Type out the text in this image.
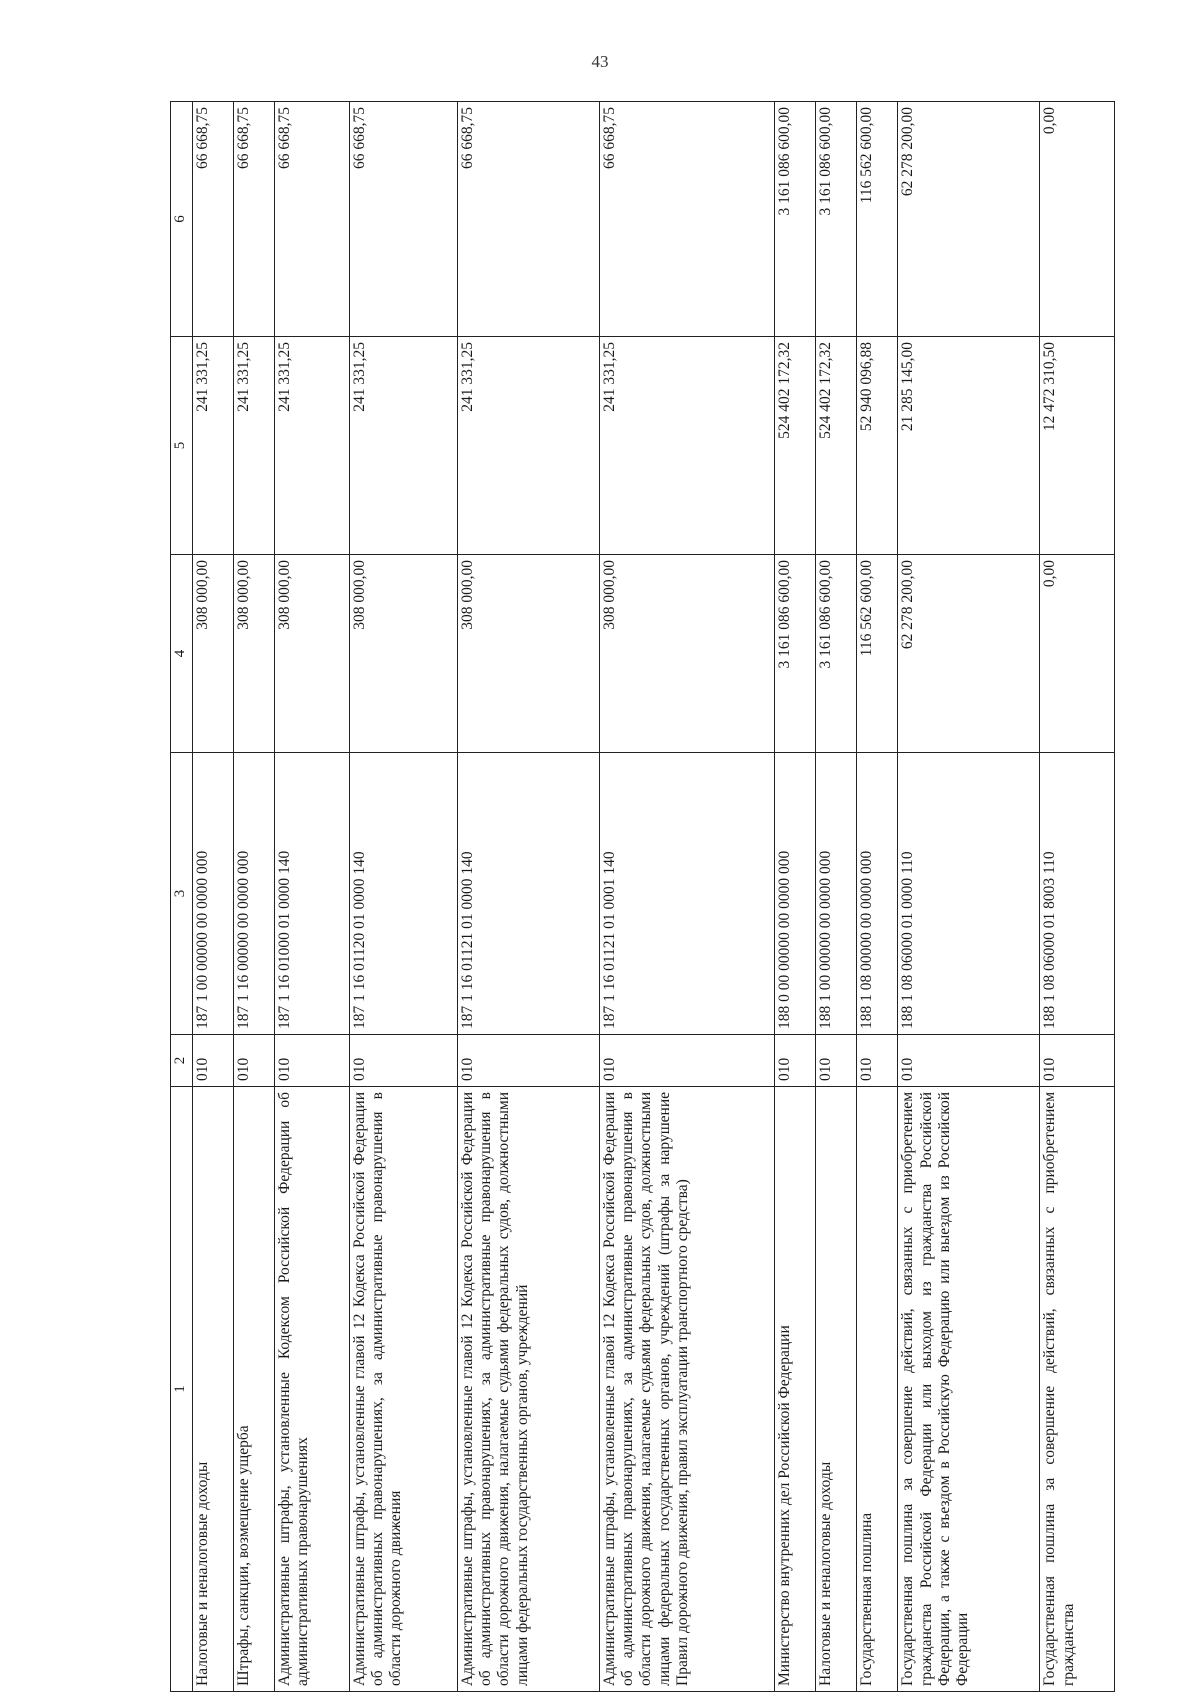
43
1	2	3	4	5	6
Налоговые и неналоговые доходы	010	187 1 00 00000 00 0000 000	308 000,00	241 331,25	66 668,75
Штрафы, санкции, возмещение ущерба	010	187 1 16 00000 00 0000 000	308 000,00	241 331,25	66 668,75
Административные штрафы, установленные Кодексом Российской Федерации об административных правонарушениях	010	187 1 16 01000 01 0000 140	308 000,00	241 331,25	66 668,75
Административные штрафы, установленные главой 12 Кодекса Российской Федерации об административных правонарушениях, за административные правонарушения в области дорожного движения	010	187 1 16 01120 01 0000 140	308 000,00	241 331,25	66 668,75
Административные штрафы, установленные главой 12 Кодекса Российской Федерации об административных правонарушениях, за административные правонарушения в области дорожного движения, налагаемые судьями федеральных судов, должностными лицами федеральных государственных органов, учреждений	010	187 1 16 01121 01 0000 140	308 000,00	241 331,25	66 668,75
Административные штрафы, установленные главой 12 Кодекса Российской Федерации об административных правонарушениях, за административные правонарушения в области дорожного движения, налагаемые судьями федеральных судов, должностными лицами федеральных государственных органов, учреждений (штрафы за нарушение Правил дорожного движения, правил эксплуатации транспортного средства)	010	187 1 16 01121 01 0001 140	308 000,00	241 331,25	66 668,75
Министерство внутренних дел Российской Федерации	010	188 0 00 00000 00 0000 000	3 161 086 600,00	524 402 172,32	3 161 086 600,00
Налоговые и неналоговые доходы	010	188 1 00 00000 00 0000 000	3 161 086 600,00	524 402 172,32	3 161 086 600,00
Государственная пошлина	010	188 1 08 00000 00 0000 000	116 562 600,00	52 940 096,88	116 562 600,00
Государственная пошлина за совершение действий, связанных с приобретением гражданства Российской Федерации или выходом из гражданства Российской Федерации, а также с въездом в Российскую Федерацию или выездом из Российской Федерации	010	188 1 08 06000 01 0000 110	62 278 200,00	21 285 145,00	62 278 200,00
Государственная пошлина за совершение действий, связанных с приобретением гражданства	010	188 1 08 06000 01 8003 110	0,00	12 472 310,50	0,00
